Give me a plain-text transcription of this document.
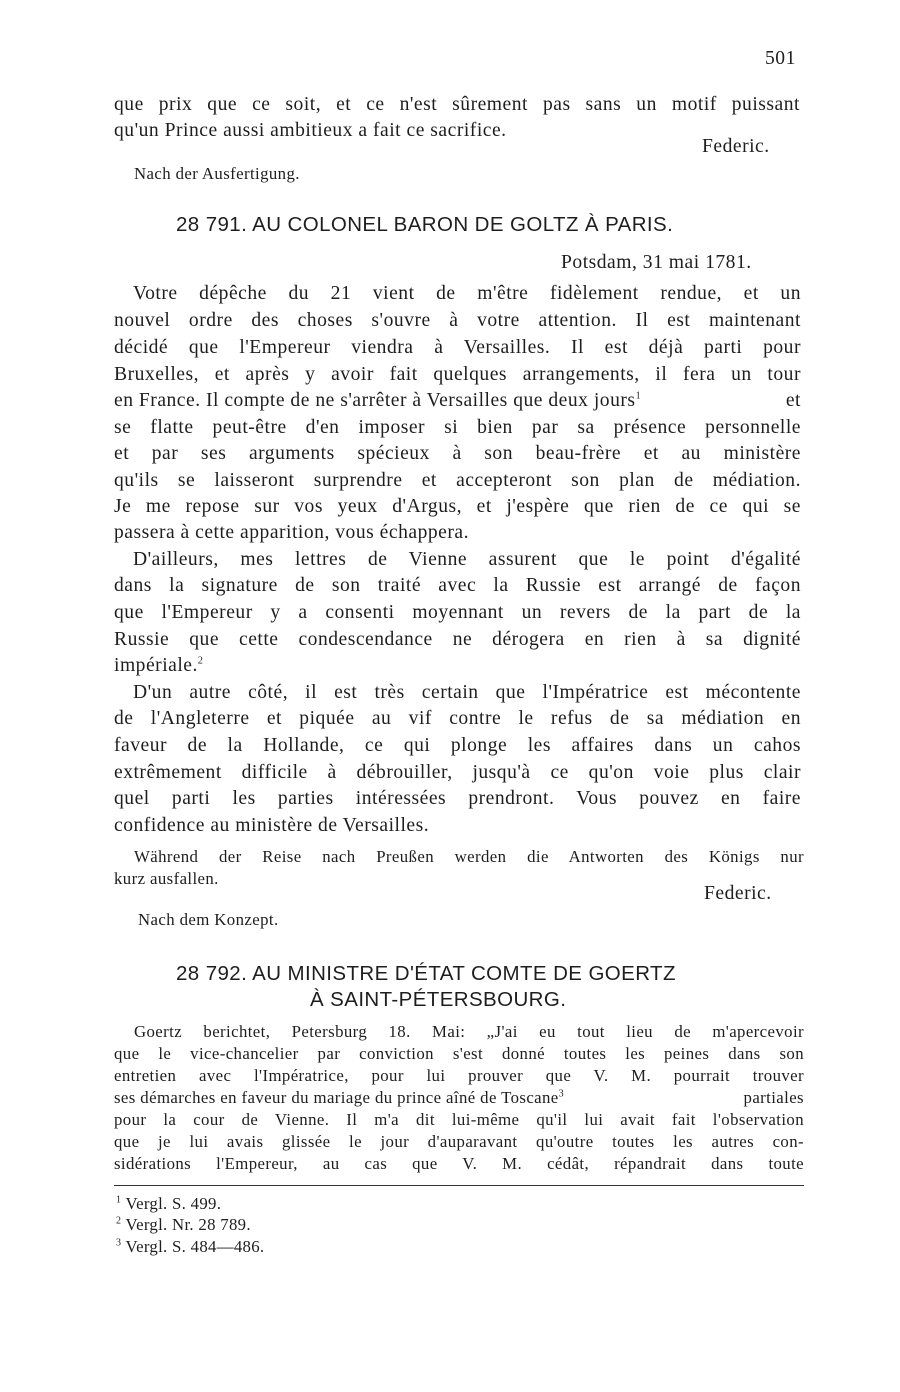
501
que prix que ce soit, et ce n'est sûrement pas sans un motif puissant
qu'un Prince aussi ambitieux a fait ce sacrifice.
Federic.
Nach der Ausfertigung.
28 791. AU COLONEL BARON DE GOLTZ À PARIS.
Potsdam, 31 mai 1781.
Votre dépêche du 21 vient de m'être fidèlement rendue, et un
nouvel ordre des choses s'ouvre à votre attention. Il est maintenant
décidé que l'Empereur viendra à Versailles. Il est déjà parti pour
Bruxelles, et après y avoir fait quelques arrangements, il fera un tour
en France. Il compte de ne s'arrêter à Versailles que deux jours$^1$	et
se flatte peut-être d'en imposer si bien par sa présence personnelle
et par ses arguments spécieux à son beau-frère et au ministère
qu'ils se laisseront surprendre et accepteront son plan de médiation.
Je me repose sur vos yeux d'Argus, et j'espère que rien de ce qui se
passera à cette apparition, vous échappera.
D'ailleurs, mes lettres de Vienne assurent que le point d'égalité
dans la signature de son traité avec la Russie est arrangé de façon
que l'Empereur y a consenti moyennant un revers de la part de la
Russie que cette condescendance ne dérogera en rien à sa dignité
impériale.$^2$
D'un autre côté, il est très certain que l'Impératrice est mécontente
de l'Angleterre et piquée au vif contre le refus de sa médiation en
faveur de la Hollande, ce qui plonge les affaires dans un cahos
extrêmement difficile à débrouiller, jusqu'à ce qu'on voie plus clair
quel parti les parties intéressées prendront. Vous pouvez en faire
confidence au ministère de Versailles.
Während der Reise nach Preußen werden die Antworten des Königs nur
kurz ausfallen.
Federic.
Nach dem Konzept.
28 792. AU MINISTRE D'ÉTAT COMTE DE GOERTZ
À SAINT-PÉTERSBOURG.
Goertz berichtet, Petersburg 18. Mai: „J'ai eu tout lieu de m'apercevoir
que le vice-chancelier par conviction s'est donné toutes les peines dans son
entretien avec l'Impératrice, pour lui prouver que V. M. pourrait trouver
ses démarches en faveur du mariage du prince aîné de Toscane$^3$	partiales
pour la cour de Vienne. Il m'a dit lui-même qu'il lui avait fait l'observation
que je lui avais glissée le jour d'auparavant qu'outre toutes les autres con-
sidérations l'Empereur, au cas que V. M. cédât, répandrait dans toute
$^1$ Vergl. S. 499.
$^2$ Vergl. Nr. 28 789.
$^3$ Vergl. S. 484—486.
